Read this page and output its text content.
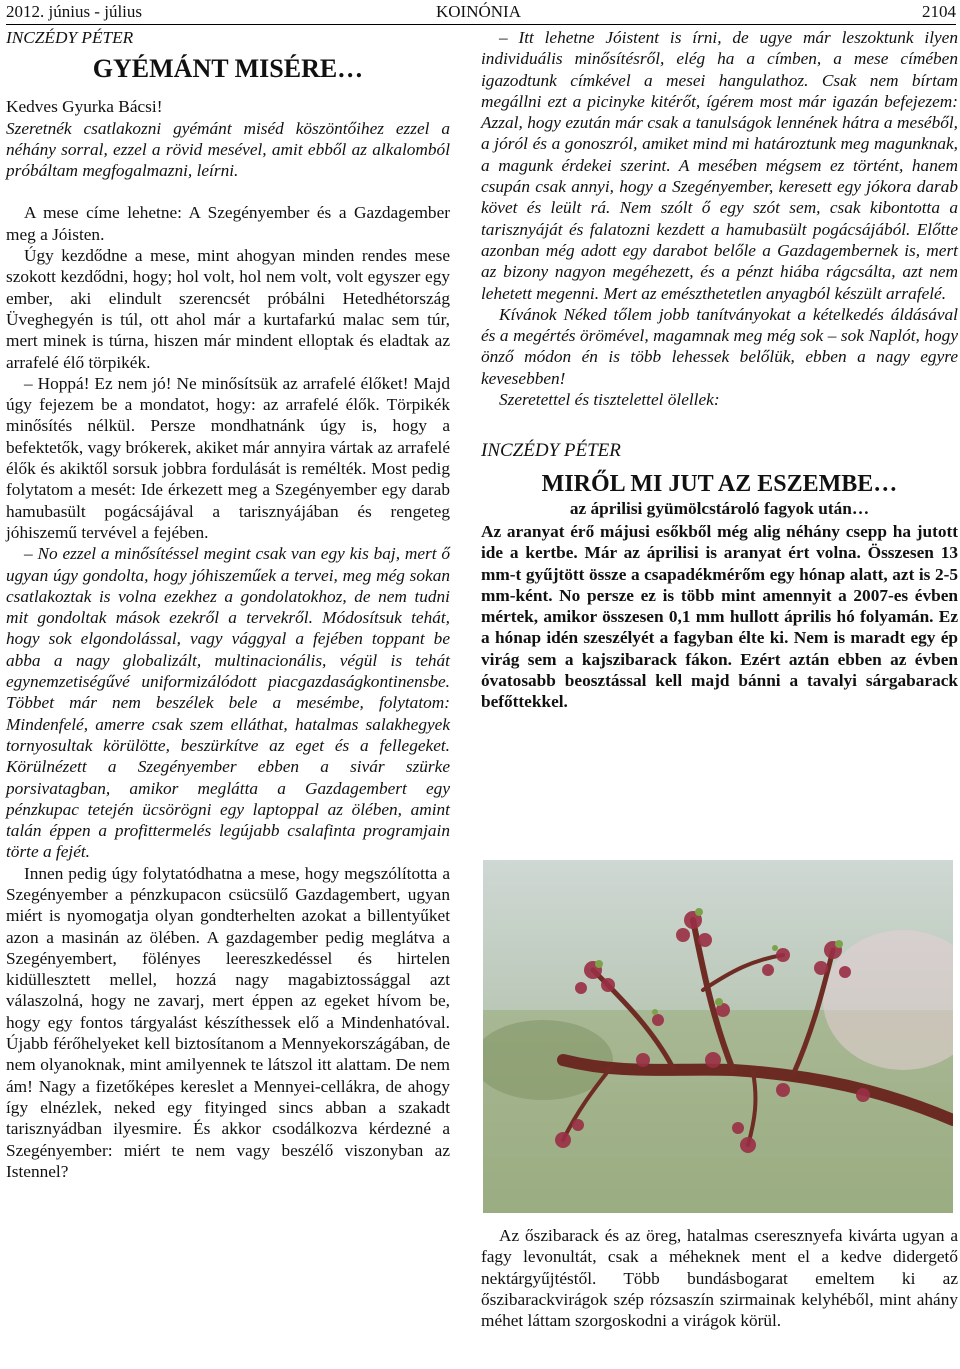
2012. június - július	KOINÓNIA	2104

INCZÉDY PÉTER

GYÉMÁNT MISÉRE…

Kedves Gyurka Bácsi!

Szeretnék csatlakozni gyémánt miséd köszöntőihez ezzel a néhány sorral, ezzel a rövid mesével, amit ebből az alkalomból próbáltam megfogalmazni, leírni.

A mese címe lehetne: A Szegényember és a Gazdagember meg a Jóisten.

Úgy kezdődne a mese, mint ahogyan minden rendes mese szokott kezdődni, hogy; hol volt, hol nem volt, volt egyszer egy ember, aki elindult szerencsét próbálni Hetedhétország Üveghegyén is túl, ott ahol már a kurtafarkú malac sem túr, mert minek is túrna, hiszen már mindent elloptak és eladtak az arrafelé élő törpikék.

– Hoppá! Ez nem jó! Ne minősítsük az arrafelé élőket! Majd úgy fejezem be a mondatot, hogy: az arrafelé élők. Törpikék minősítés nélkül. Persze mondhatnánk úgy is, hogy a befektetők, vagy brókerek, akiket már annyira vártak az arrafelé élők és akiktől sorsuk jobbra fordulását is remélték. Most pedig folytatom a mesét: Ide érkezett meg a Szegényember egy darab hamubasült pogácsájával a tarisznyájában és rengeteg jóhiszemű tervével a fejében.

– No ezzel a minősítéssel megint csak van egy kis baj, mert ő ugyan úgy gondolta, hogy jóhiszeműek a tervei, meg még sokan csatlakoztak is volna ezekhez a gondolatokhoz, de nem tudni mit gondoltak mások ezekről a tervekről. Módosítsuk tehát, hogy sok elgondolással, vagy vággyal a fejében toppant be abba a nagy globalizált, multinacionális, végül is tehát egynemzetiségűvé uniformizálódott piacgazdaságkontinensbe. Többet már nem beszélek bele a mesémbe, folytatom: Mindenfelé, amerre csak szem elláthat, hatalmas salakhegyek tornyosultak körülötte, beszürkítve az eget és a fellegeket. Körülnézett a Szegényember ebben a sivár szürke porsivatagban, amikor meglátta a Gazdagembert egy pénzkupac tetején ücsörögni egy laptoppal az ölében, amint talán éppen a profittermelés legújabb csalafinta programjain törte a fejét.

Innen pedig úgy folytatódhatna a mese, hogy megszólította a Szegényember a pénzkupacon csücsülő Gazdagembert, ugyan miért is nyomogatja olyan gondterhelten azokat a billentyűket azon a masinán az ölében. A gazdagember pedig meglátva a Szegényembert, fölényes leereszkedéssel és hirtelen kidüllesztett mellel, hozzá nagy magabiztossággal azt válaszolná, hogy ne zavarj, mert éppen az egeket hívom be, hogy egy fontos tárgyalást készíthessek elő a Mindenhatóval. Újabb férőhelyeket kell biztosítanom a Mennyekországában, de nem olyanoknak, mint amilyennek te látszol itt alattam. De nem ám! Nagy a fizetőképes kereslet a Mennyei-cellákra, de ahogy így elnézlek, neked egy fityinged sincs abban a szakadt tarisznyádban ilyesmire. És akkor csodálkozva kérdezné a Szegényember: miért te nem vagy beszélő viszonyban az Istennel?

– Itt lehetne Jóistent is írni, de ugye már leszoktunk ilyen individuális minősítésről, elég ha a címben, a mese címében igazodtunk címkével a mesei hangulathoz. Csak nem bírtam megállni ezt a picinyke kitérőt, ígérem most már igazán befejezem: Azzal, hogy ezután már csak a tanulságok lennének hátra a meséből, a jóról és a gonoszról, amiket mind mi határoztunk meg magunknak, a magunk érdekei szerint. A mesében mégsem ez történt, hanem csupán csak annyi, hogy a Szegényember, keresett egy jókora darab követ és leült rá. Nem szólt ő egy szót sem, csak kibontotta a tarisznyáját és falatozni kezdett a hamubasült pogácsájából. Előtte azonban még adott egy darabot belőle a Gazdagembernek is, mert az bizony nagyon megéhezett, és a pénzt hiába rágcsálta, azt nem lehetett megenni. Mert az emészthetetlen anyagból készült arrafelé.

Kívánok Néked tőlem jobb tanítványokat a kételkedés áldásával és a megértés örömével, magamnak meg még sok – sok Naplót, hogy önző módon én is több lehessek belőlük, ebben a nagy egyre kevesebben!

Szeretettel és tisztelettel ölellek:

INCZÉDY PÉTER

MIRŐL MI JUT AZ ESZEMBE…

az áprilisi gyümölcstároló fagyok után…

Az aranyat érő májusi esőkből még alig néhány csepp ha jutott ide a kertbe. Már az áprilisi is aranyat ért volna. Összesen 13 mm-t gyűjtött össze a csapadékmérőm egy hónap alatt, azt is 2-5 mm-ként. No persze ez is több mint amennyit a 2007-es évben mértek, amikor összesen 0,1 mm hullott április hó folyamán. Ez a hónap idén szeszélyét a fagyban élte ki. Nem is maradt egy ép virág sem a kajszibarack fákon. Ezért aztán ebben az évben óvatosabb beosztással kell majd bánni a tavalyi sárgabarack befőttekkel.

Az őszibarack és az öreg, hatalmas cseresznyefa kivárta ugyan a fagy levonultát, csak a méheknek ment el a kedve didergető nektárgyűjtéstől. Több bundásbogarat emeltem ki az őszibarackvirágok szép rózsaszín szirmainak kelyhéből, mint ahány méhet láttam szorgoskodni a virágok körül.
